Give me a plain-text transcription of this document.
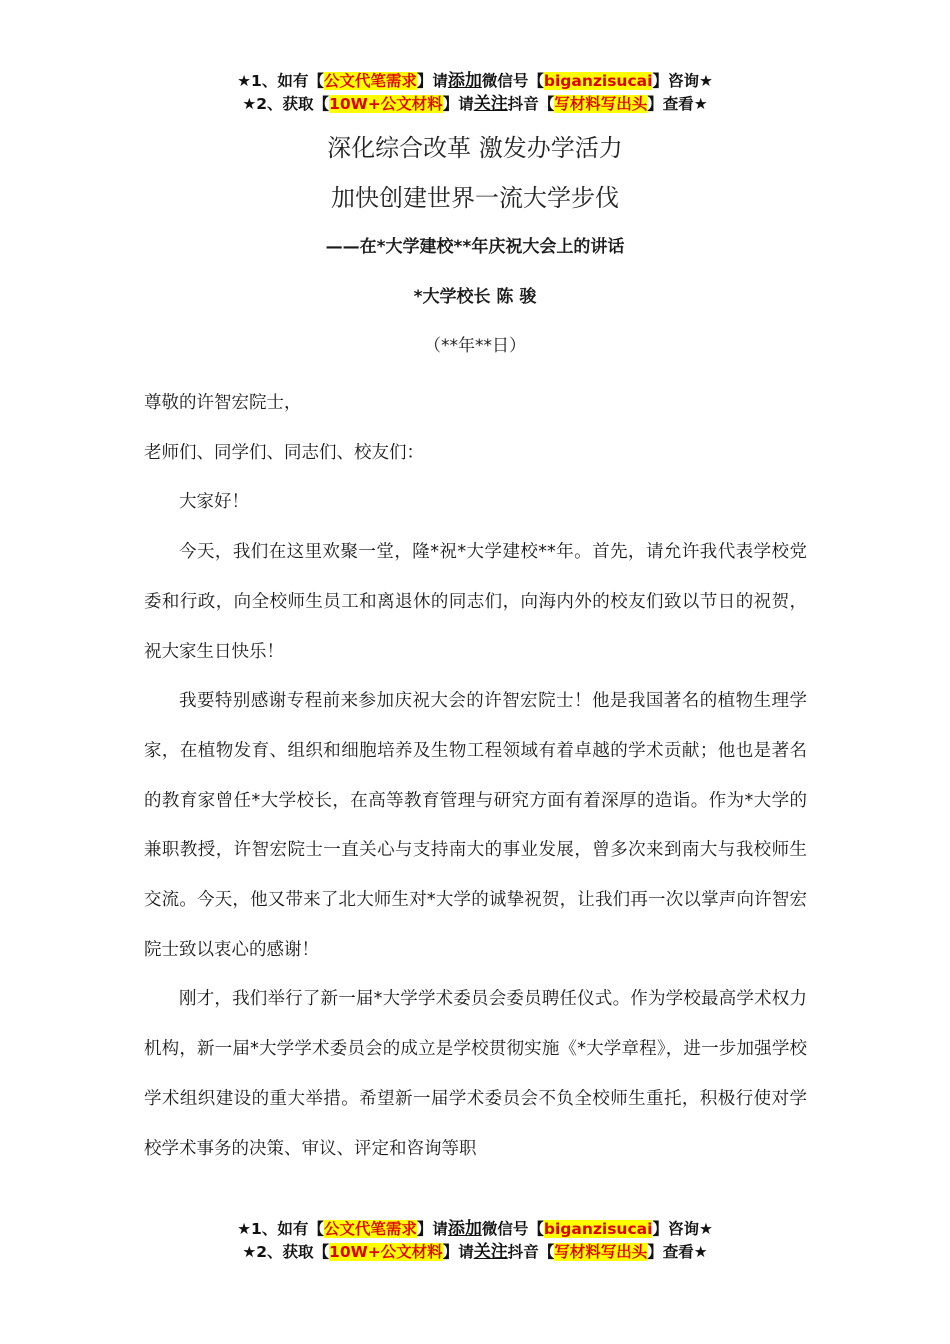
★1、如有【公文代笔需求】请添加微信号【biganzisucai】咨询★
★2、获取【10W+公文材料】请关注抖音【写材料写出头】查看★
深化综合改革 激发办学活力
加快创建世界一流大学步伐
——在*大学建校**年庆祝大会上的讲话
*大学校长 陈 骏
（**年**日）

尊敬的许智宏院士，

老师们、同学们、同志们、校友们：

大家好！

今天，我们在这里欢聚一堂，隆*祝*大学建校**年。首先，请允许我代表学校党委和行政，向全校师生员工和离退休的同志们，向海内外的校友们致以节日的祝贺，祝大家生日快乐！

我要特别感谢专程前来参加庆祝大会的许智宏院士！他是我国著名的植物生理学家，在植物发育、组织和细胞培养及生物工程领域有着卓越的学术贡献；他也是著名的教育家曾任*大学校长，在高等教育管理与研究方面有着深厚的造诣。作为*大学的兼职教授，许智宏院士一直关心与支持南大的事业发展，曾多次来到南大与我校师生交流。今天，他又带来了北大师生对*大学的诚挚祝贺，让我们再一次以掌声向许智宏院士致以衷心的感谢！

刚才，我们举行了新一届*大学学术委员会委员聘任仪式。作为学校最高学术权力机构，新一届*大学学术委员会的成立是学校贯彻实施《*大学章程》，进一步加强学校学术组织建设的重大举措。希望新一届学术委员会不负全校师生重托，积极行使对学校学术事务的决策、审议、评定和咨询等职

★1、如有【公文代笔需求】请添加微信号【biganzisucai】咨询★
★2、获取【10W+公文材料】请关注抖音【写材料写出头】查看★
